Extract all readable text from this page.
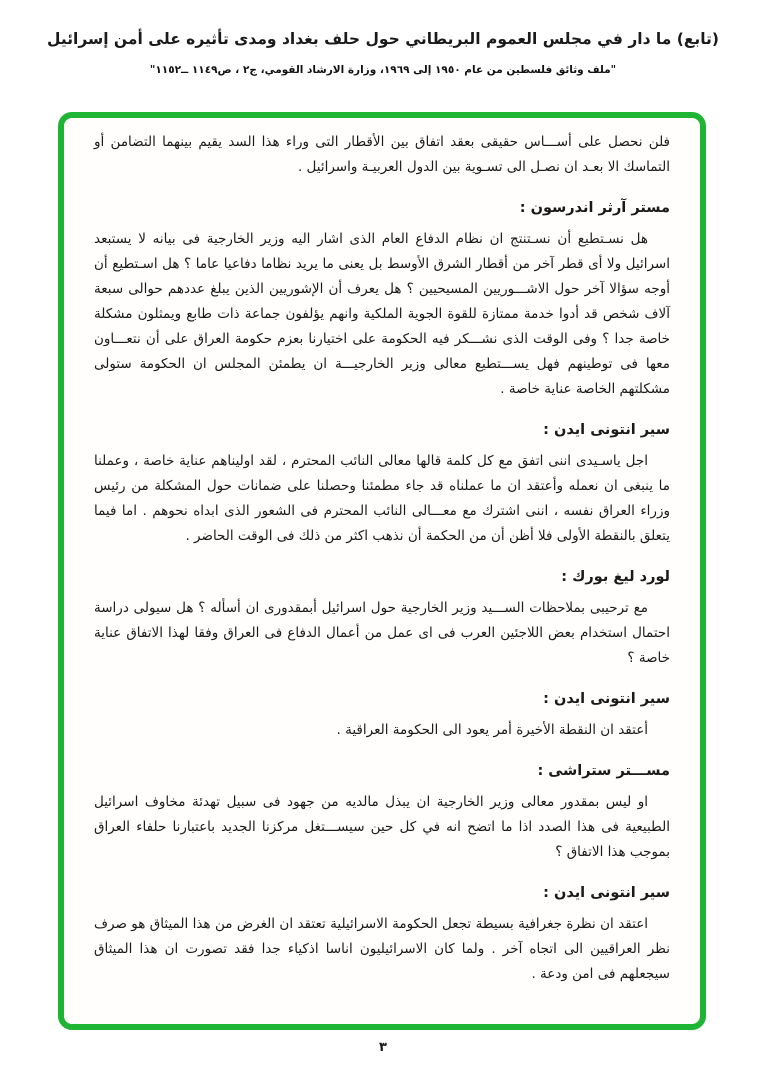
(تابع) ما دار في مجلس العموم البريطاني حول حلف بغداد ومدى تأثيره على أمن إسرائيل
"ملف وثائق فلسطين من عام ١٩٥٠ إلى ١٩٦٩، وزارة الارشاد القومي، ج٢ ، ص١١٤٩ ــ١١٥٢"

فلن نحصل على أســـاس حقيقى بعقد اتفاق بين الأقطار التى وراء هذا السد يقيم بينهما التضامن أو التماسك الا بعـد ان نصـل الى تسـوية بين الدول العربيـة واسرائيل .

مستر آرثر اندرسون :

هل نسـتطيع أن نسـتنتج ان نظام الدفاع العام الذى اشار اليه وزير الخارجية فى بيانه لا يستبعد اسرائيل ولا أى قطر آخر من أقطار الشرق الأوسط بل يعنى ما يريد نظاما دفاعيا عاما ؟ هل اسـتطيع أن أوجه سؤالا آخر حول الاشـــوريين المسيحيين ؟ هل يعرف أن الإشوريين الذين يبلغ عددهم حوالى سبعة آلاف شخص قد أدوا خدمة ممتازة للقوة الجوية الملكية وانهم يؤلفون جماعة ذات طابع ويمثلون مشكلة خاصة جدا ؟ وفى الوقت الذى نشـــكر فيه الحكومة على اختيارنا بعزم حكومة العراق على أن نتعـــاون معها فى توطينهم فهل يســـتطيع معالى وزير الخارجيـــة ان يطمئن المجلس ان الحكومة ستولى مشكلتهم الخاصة عناية خاصة .

سير انتونى ايدن :

اجل ياسـيدى اننى اتفق مع كل كلمة قالها معالى النائب المحترم ، لقد اوليناهم عناية خاصة ، وعملنا ما ينبغى ان نعمله وأعتقد ان ما عملناه قد جاء مطمئنا وحصلنا على ضمانات حول المشكلة من رئيس وزراء العراق نفسه ، اننى اشترك مع معـــالى النائب المحترم فى الشعور الذى ابداه نحوهم . اما فيما يتعلق بالنقطة الأولى فلا أظن أن من الحكمة أن نذهب اكثر من ذلك فى الوقت الحاضر .

لورد ليغ بورك :

مع ترحيبى بملاحظات الســـيد وزير الخارجية حول اسرائيل أبمقدورى ان أسأله ؟ هل سيولى دراسة احتمال استخدام بعض اللاجئين العرب فى اى عمل من أعمال الدفاع فى العراق وفقا لهذا الاتفاق عناية خاصة ؟

سير انتونى ايدن :

أعتقد ان النقطة الأخيرة أمر يعود الى الحكومة العراقية .

مســـتر ستراشى :

او ليس بمقدور معالى وزير الخارجية ان يبذل مالديه من جهود فى سبيل تهدئة مخاوف اسرائيل الطبيعية فى هذا الصدد اذا ما اتضح انه في كل حين سيســـتغل مركزنا الجديد باعتبارنا حلفاء العراق بموجب هذا الاتفاق ؟

سير انتونى ايدن :

اعتقد ان نظرة جغرافية بسيطة تجعل الحكومة الاسرائيلية تعتقد ان الغرض من هذا الميثاق هو صرف نظر العراقيين الى اتجاه آخر . ولما كان الاسرائيليون اناسا اذكياء جدا فقد تصورت ان هذا الميثاق سيجعلهم فى امن ودعة .

٣
